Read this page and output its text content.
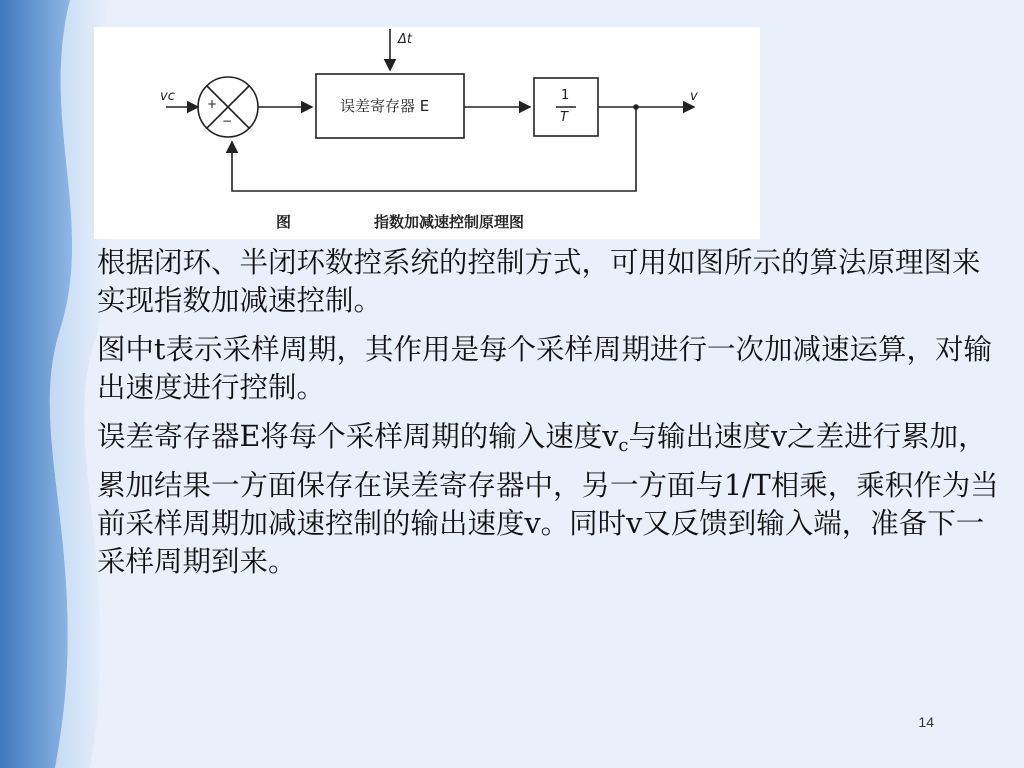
vc
Δt
v
+
−
误差寄存器 E
1
T
图	指数加减速控制原理图

根据闭环、半闭环数控系统的控制方式，可用如图所示的算法原理图来实现指数加减速控制。

图中t表示采样周期，其作用是每个采样周期进行一次加减速运算，对输出速度进行控制。

误差寄存器E将每个采样周期的输入速度$v_c$与输出速度v之差进行累加，

累加结果一方面保存在误差寄存器中，另一方面与1/T相乘，乘积作为当前采样周期加减速控制的输出速度v。同时v又反馈到输入端，准备下一采样周期到来。

14
